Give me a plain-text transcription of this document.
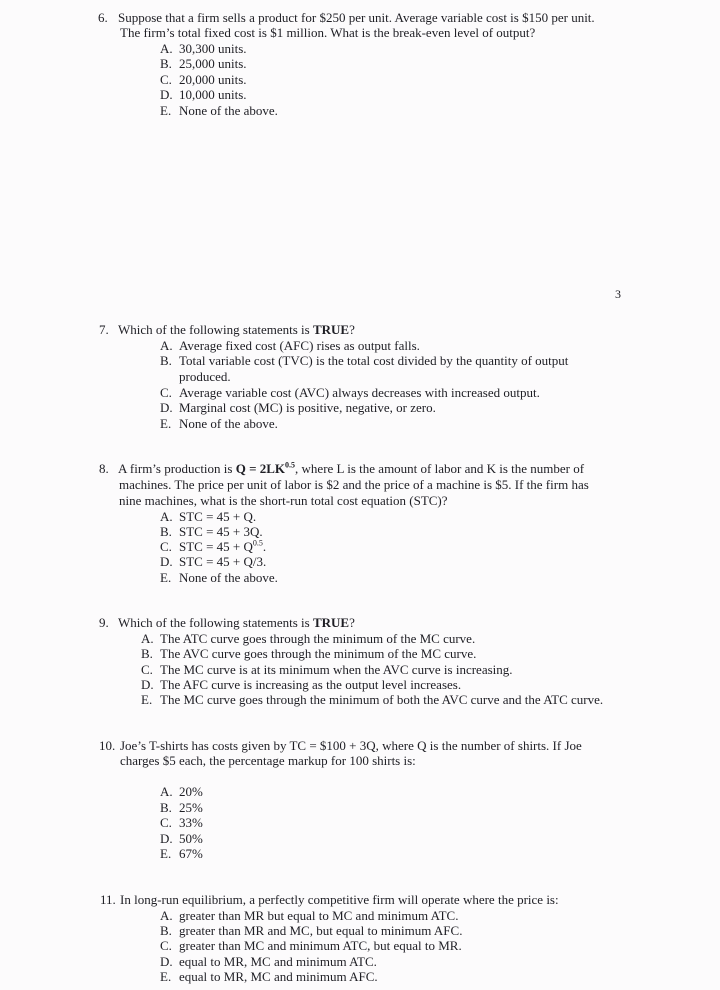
6. Suppose that a firm sells a product for $250 per unit. Average variable cost is $150 per unit.
The firm’s total fixed cost is $1 million. What is the break-even level of output?
A. 30,300 units.
B. 25,000 units.
C. 20,000 units.
D. 10,000 units.
E. None of the above.
3
7. Which of the following statements is TRUE?
A. Average fixed cost (AFC) rises as output falls.
B. Total variable cost (TVC) is the total cost divided by the quantity of output
produced.
C. Average variable cost (AVC) always decreases with increased output.
D. Marginal cost (MC) is positive, negative, or zero.
E. None of the above.
8. A firm’s production is $Q = 2LK^{0.5}$, where L is the amount of labor and K is the number of
machines. The price per unit of labor is $2 and the price of a machine is $5. If the firm has
nine machines, what is the short-run total cost equation (STC)?
A. STC = 45 + Q.
B. STC = 45 + 3Q.
C. STC = $45 + Q^{0.5}$.
D. STC = 45 + Q/3.
E. None of the above.
9. Which of the following statements is TRUE?
A. The ATC curve goes through the minimum of the MC curve.
B. The AVC curve goes through the minimum of the MC curve.
C. The MC curve is at its minimum when the AVC curve is increasing.
D. The AFC curve is increasing as the output level increases.
E. The MC curve goes through the minimum of both the AVC curve and the ATC curve.
10. Joe’s T-shirts has costs given by TC = $100 + 3Q, where Q is the number of shirts. If Joe
charges $5 each, the percentage markup for 100 shirts is:
A. 20%
B. 25%
C. 33%
D. 50%
E. 67%
11. In long-run equilibrium, a perfectly competitive firm will operate where the price is:
A. greater than MR but equal to MC and minimum ATC.
B. greater than MR and MC, but equal to minimum AFC.
C. greater than MC and minimum ATC, but equal to MR.
D. equal to MR, MC and minimum ATC.
E. equal to MR, MC and minimum AFC.
